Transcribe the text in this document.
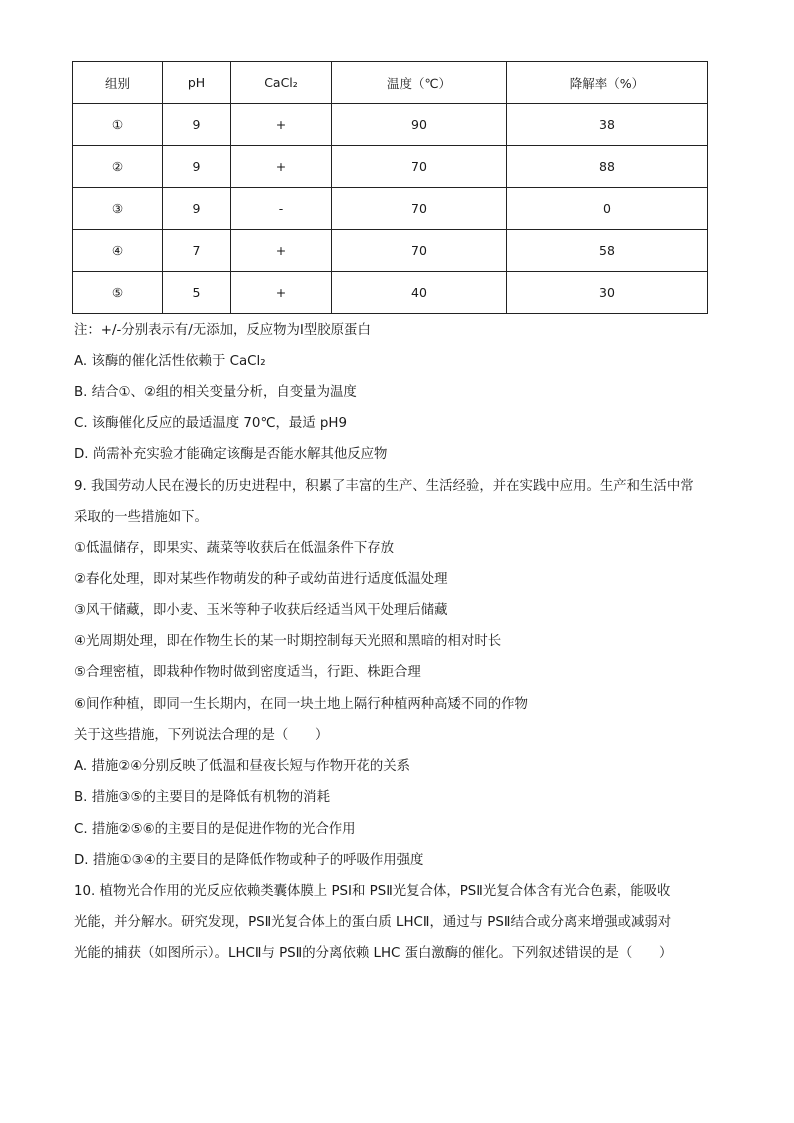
组别	pH	CaCl₂	温度（℃）	降解率（%）
①	9	+	90	38
②	9	+	70	88
③	9	-	70	0
④	7	+	70	58
⑤	5	+	40	30
注：+/-分别表示有/无添加，反应物为Ⅰ型胶原蛋白
A. 该酶的催化活性依赖于 CaCl₂
B. 结合①、②组的相关变量分析，自变量为温度
C. 该酶催化反应的最适温度 70℃，最适 pH9
D. 尚需补充实验才能确定该酶是否能水解其他反应物
9. 我国劳动人民在漫长的历史进程中，积累了丰富的生产、生活经验，并在实践中应用。生产和生活中常
采取的一些措施如下。
①低温储存，即果实、蔬菜等收获后在低温条件下存放
②春化处理，即对某些作物萌发的种子或幼苗进行适度低温处理
③风干储藏，即小麦、玉米等种子收获后经适当风干处理后储藏
④光周期处理，即在作物生长的某一时期控制每天光照和黑暗的相对时长
⑤合理密植，即栽种作物时做到密度适当，行距、株距合理
⑥间作种植，即同一生长期内，在同一块土地上隔行种植两种高矮不同的作物
关于这些措施，下列说法合理的是（　　）
A. 措施②④分别反映了低温和昼夜长短与作物开花的关系
B. 措施③⑤的主要目的是降低有机物的消耗
C. 措施②⑤⑥的主要目的是促进作物的光合作用
D. 措施①③④的主要目的是降低作物或种子的呼吸作用强度
10. 植物光合作用的光反应依赖类囊体膜上 PSⅠ和 PSⅡ光复合体，PSⅡ光复合体含有光合色素，能吸收
光能，并分解水。研究发现，PSⅡ光复合体上的蛋白质 LHCⅡ，通过与 PSⅡ结合或分离来增强或减弱对
光能的捕获（如图所示）。LHCⅡ与 PSⅡ的分离依赖 LHC 蛋白激酶的催化。下列叙述错误的是（　　）
